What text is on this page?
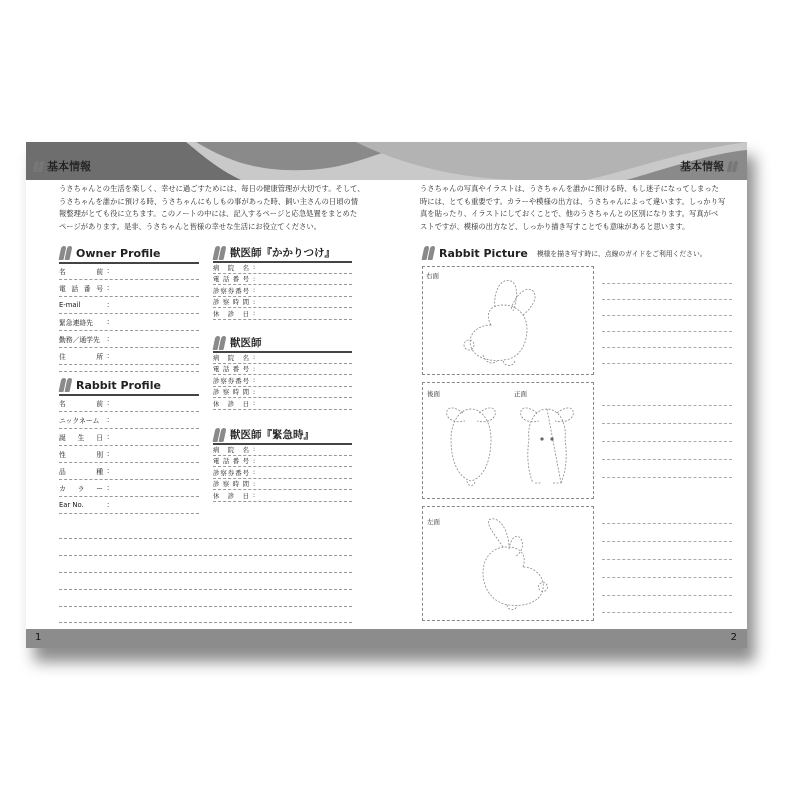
基本情報
うさちゃんとの生活を楽しく、幸せに過ごすためには、毎日の健康管理が大切です。そして、
うさちゃんを誰かに預ける時、うさちゃんにもしもの事があった時、飼い主さんの日頃の情
報整理がとても役に立ちます。このノートの中には、記入するページと応急処置をまとめた
ページがあります。是非、うさちゃんと皆様の幸せな生活にお役立てください。
Owner Profile
名　　前 :
電 話 番 号 :
E-mail	:
緊急連絡先	:
勤務／通学先	:
住　　所 :
Rabbit Profile
名　　前 :
ニックネーム	:
誕 生 日 :
性　　別 :
品　　種 :
カラー :
Ear No.	:
獣医師『かかりつけ』
病 院 名 :
電 話 番 号 :
診察券番号 :
診 察 時 間 :
休 診 日 :
獣医師
病 院 名 :
電 話 番 号 :
診察券番号 :
診 察 時 間 :
休 診 日 :
獣医師『緊急時』
病 院 名 :
電 話 番 号 :
診察券番号 :
診 察 時 間 :
休 診 日 :
1
基本情報
うさちゃんの写真やイラストは、うさちゃんを誰かに預ける時、もし迷子になってしまった
時には、とても重要です。カラーや模様の出方は、うさちゃんによって違います。しっかり写
真を貼ったり、イラストにしておくことで、他のうさちゃんとの区別になります。写真がベ
ストですが、模様の出方など、しっかり描き写すことでも意味があると思います。
Rabbit Picture 模様を描き写す時に、点線のガイドをご利用ください。
右面
後面	正面
左面
2
